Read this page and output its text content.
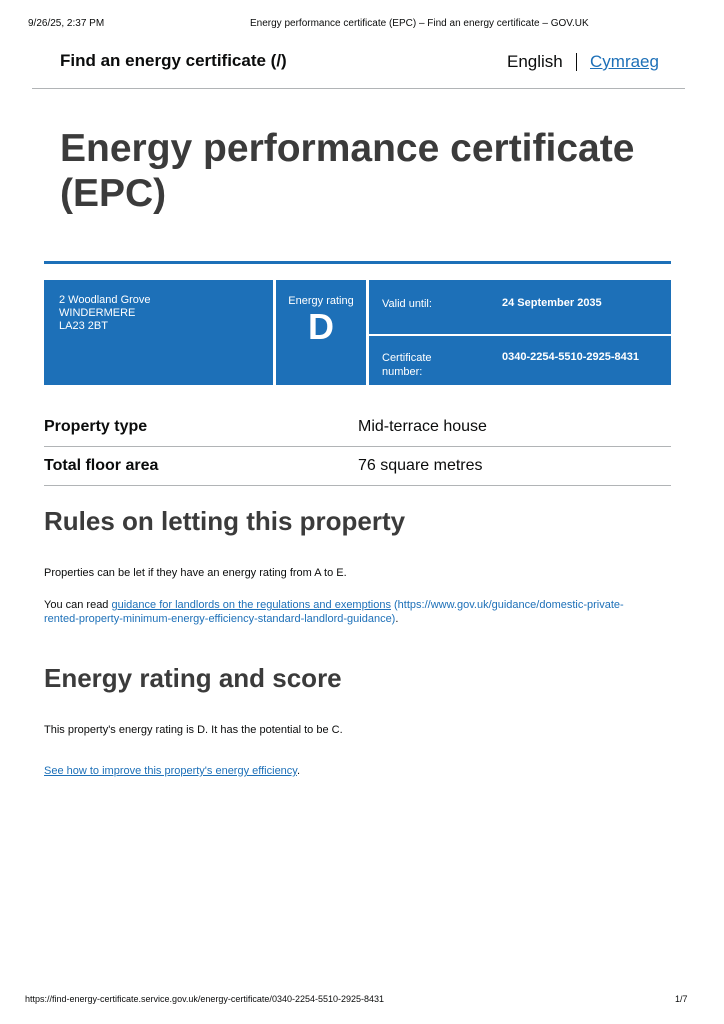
9/26/25, 2:37 PM	Energy performance certificate (EPC) – Find an energy certificate – GOV.UK
Find an energy certificate (/)	English Cymraeg
Energy performance certificate (EPC)
2 Woodland Grove
WINDERMERE
LA23 2BT
Energy rating
D
Valid until:	24 September 2035
Certificate number:
0340-2254-5510-2925-8431
Property type	Mid-terrace house
Total floor area	76 square metres
Rules on letting this property
Properties can be let if they have an energy rating from A to E.
You can read guidance for landlords on the regulations and exemptions (https://www.gov.uk/guidance/domestic-private-
rented-property-minimum-energy-efficiency-standard-landlord-guidance).
Energy rating and score
This property's energy rating is D. It has the potential to be C.
See how to improve this property's energy efficiency.
https://find-energy-certificate.service.gov.uk/energy-certificate/0340-2254-5510-2925-8431	1/7
